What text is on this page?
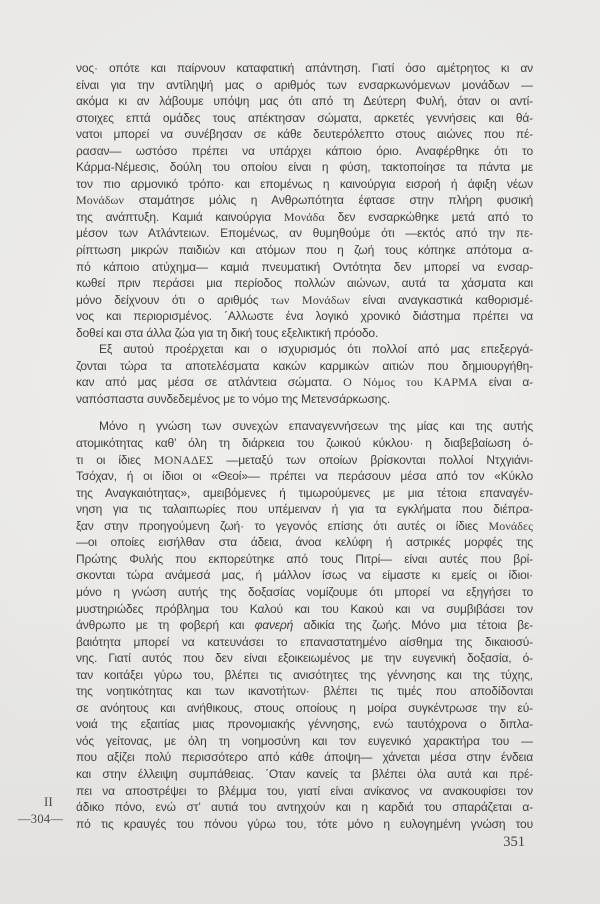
νος· οπότε και παίρνουν καταφατική απάντηση. Γιατί όσο αμέτρητος κι αν
είναι για την αντίληψή μας ο αριθμός των ενσαρκωνόμενων μονάδων —
ακόμα κι αν λάβουμε υπόψη μας ότι από τη Δεύτερη Φυλή, όταν οι αντί-
στοιχες επτά ομάδες τους απέκτησαν σώματα, αρκετές γεννήσεις και θά-
νατοι μπορεί να συνέβησαν σε κάθε δευτερόλεπτο στους αιώνες που πέ-
ρασαν— ωστόσο πρέπει να υπάρχει κάποιο όριο. Αναφέρθηκε ότι το
Κάρμα-Νέμεσις, δούλη του οποίου είναι η φύση, τακτοποίησε τα πάντα με
τον πιο αρμονικό τρόπο· και επομένως η καινούργια εισροή ή άφιξη νέων
Μονάδων σταμάτησε μόλις η Ανθρωπότητα έφτασε στην πλήρη φυσική
της ανάπτυξη. Καμιά καινούργια Μονάδα δεν ενσαρκώθηκε μετά από το
μέσον των Ατλάντειων. Επομένως, αν θυμηθούμε ότι —εκτός από την πε-
ρίπτωση μικρών παιδιών και ατόμων που η ζωή τους κόπηκε απότομα α-
πό κάποιο ατύχημα— καμιά πνευματική Οντότητα δεν μπορεί να ενσαρ-
κωθεί πριν περάσει μια περίοδος πολλών αιώνων, αυτά τα χάσματα και
μόνο δείχνουν ότι ο αριθμός των Μονάδων είναι αναγκαστικά καθορισμέ-
νος και περιορισμένος. ΄Αλλωστε ένα λογικό χρονικό διάστημα πρέπει να
δοθεί και στα άλλα ζώα για τη δική τους εξελικτική πρόοδο.
Εξ αυτού προέρχεται και ο ισχυρισμός ότι πολλοί από μας επεξεργά-
ζονται τώρα τα αποτελέσματα κακών καρμικών αιτιών που δημιουργήθη-
καν από μας μέσα σε ατλάντεια σώματα. Ο Νόμος του ΚΑΡΜΑ είναι α-
ναπόσπαστα συνδεδεμένος με το νόμο της Μετενσάρκωσης.
Μόνο η γνώση των συνεχών επαναγεννήσεων της μίας και της αυτής
ατομικότητας καθ’ όλη τη διάρκεια του ζωικού κύκλου· η διαβεβαίωση ό-
τι οι ίδιες ΜΟΝΑΔΕΣ —μεταξύ των οποίων βρίσκονται πολλοί Ντχγιάνι-
Τσόχαν, ή οι ίδιοι οι «Θεοί»— πρέπει να περάσουν μέσα από τον «Κύκλο
της Αναγκαιότητας», αμειβόμενες ή τιμωρούμενες με μια τέτοια επαναγέν-
νηση για τις ταλαιπωρίες που υπέμειναν ή για τα εγκλήματα που διέπρα-
ξαν στην προηγούμενη ζωή· το γεγονός επίσης ότι αυτές οι ίδιες Μονάδες
—οι οποίες εισήλθαν στα άδεια, άνοα κελύφη ή αστρικές μορφές της
Πρώτης Φυλής που εκπορεύτηκε από τους Πιτρί— είναι αυτές που βρί-
σκονται τώρα ανάμεσά μας, ή μάλλον ίσως να είμαστε κι εμείς οι ίδιοι·
μόνο η γνώση αυτής της δοξασίας νομίζουμε ότι μπορεί να εξηγήσει το
μυστηριώδες πρόβλημα του Καλού και του Κακού και να συμβιβάσει τον
άνθρωπο με τη φοβερή και φανερή αδικία της ζωής. Μόνο μια τέτοια βε-
βαιότητα μπορεί να κατευνάσει το επαναστατημένο αίσθημα της δικαιοσύ-
νης. Γιατί αυτός που δεν είναι εξοικειωμένος με την ευγενική δοξασία, ό-
ταν κοιτάξει γύρω του, βλέπει τις ανισότητες της γέννησης και της τύχης,
της νοητικότητας και των ικανοτήτων· βλέπει τις τιμές που αποδίδονται
σε ανόητους και ανήθικους, στους οποίους η μοίρα συγκέντρωσε την εύ-
νοιά της εξαιτίας μιας προνομιακής γέννησης, ενώ ταυτόχρονα ο διπλα-
νός γείτονας, με όλη τη νοημοσύνη και τον ευγενικό χαρακτήρα του —
που αξίζει πολύ περισσότερο από κάθε άποψη— χάνεται μέσα στην ένδεια
και στην έλλειψη συμπάθειας. ΄Οταν κανείς τα βλέπει όλα αυτά και πρέ-
πει να αποστρέψει το βλέμμα του, γιατί είναι ανίκανος να ανακουφίσει τον
άδικο πόνο, ενώ στ’ αυτιά του αντηχούν και η καρδιά του σπαράζεται α-
πό τις κραυγές του πόνου γύρω του, τότε μόνο η ευλογημένη γνώση του
II
—304—
351
